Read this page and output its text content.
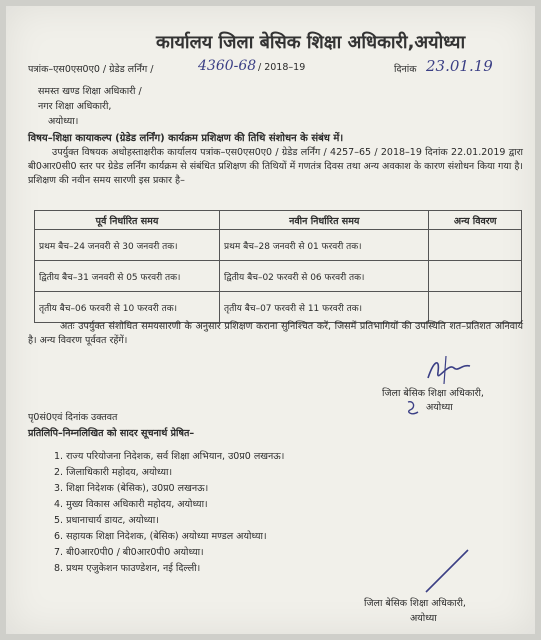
कार्यालय जिला बेसिक शिक्षा अधिकारी,अयोध्या
पत्रांक–एस0एस0ए0 / ग्रेडेड लर्निंग /	4360-68 / 2018–19	दिनांक 23.01.19
समस्त खण्ड शिक्षा अधिकारी /
नगर शिक्षा अधिकारी,
अयोध्या।
विषय–शिक्षा कायाकल्प (ग्रेडेड लर्निंग) कार्यक्रम प्रशिक्षण की तिथि संशोधन के संबंध में।
उपर्युक्त विषयक अधोहस्ताक्षरीक कार्यालय पत्रांक–एस0एस0ए0 / ग्रेडेड लर्निंग / 4257–65 / 2018–19 दिनांक 22.01.2019 द्वारा बी0आर0सी0 स्तर पर ग्रेडेड लर्निंग कार्यक्रम से संबंधित प्रशिक्षण की तिथियों में गणतंत्र दिवस तथा अन्य अवकाश के कारण संशोधन किया गया है। प्रशिक्षण की नवीन समय सारणी इस प्रकार है–
पूर्व निर्धारित समय	नवीन निर्धारित समय	अन्य विवरण
प्रथम बैच–24 जनवरी से 30 जनवरी तक।	प्रथम बैच–28 जनवरी से 01 फरवरी तक।	
द्वितीय बैच–31 जनवरी से 05 फरवरी तक।	द्वितीय बैच–02 फरवरी से 06 फरवरी तक।	
तृतीय बैच–06 फरवरी से 10 फरवरी तक।	तृतीय बैच–07 फरवरी से 11 फरवरी तक।	
अतः उपर्युक्त संशोधित समयसारणी के अनुसार प्रशिक्षण कराना सुनिश्चित करें, जिसमें प्रतिभागियों की उपस्थिति शत–प्रतिशत अनिवार्य है। अन्य विवरण पूर्ववत रहेंगें।
जिला बेसिक शिक्षा अधिकारी,
अयोध्या
पृ0सं0एवं दिनांक उक्तवत
प्रतिलिपि–निम्नलिखित को सादर सूचनार्थ प्रेषित–
1. राज्य परियोजना निदेशक, सर्व शिक्षा अभियान, उ0प्र0 लखनऊ।
2. जिलाधिकारी महोदय, अयोध्या।
3. शिक्षा निदेशक (बेसिक), उ0प्र0 लखनऊ।
4. मुख्य विकास अधिकारी महोदय, अयोध्या।
5. प्रधानाचार्य डायट, अयोध्या।
6. सहायक शिक्षा निदेशक, (बेसिक) अयोध्या मण्डल अयोध्या।
7. बी0आर0पी0 / बी0आर0पी0 अयोध्या।
8. प्रथम एजुकेशन फाउण्डेशन, नई दिल्ली।
जिला बेसिक शिक्षा अधिकारी,
अयोध्या
